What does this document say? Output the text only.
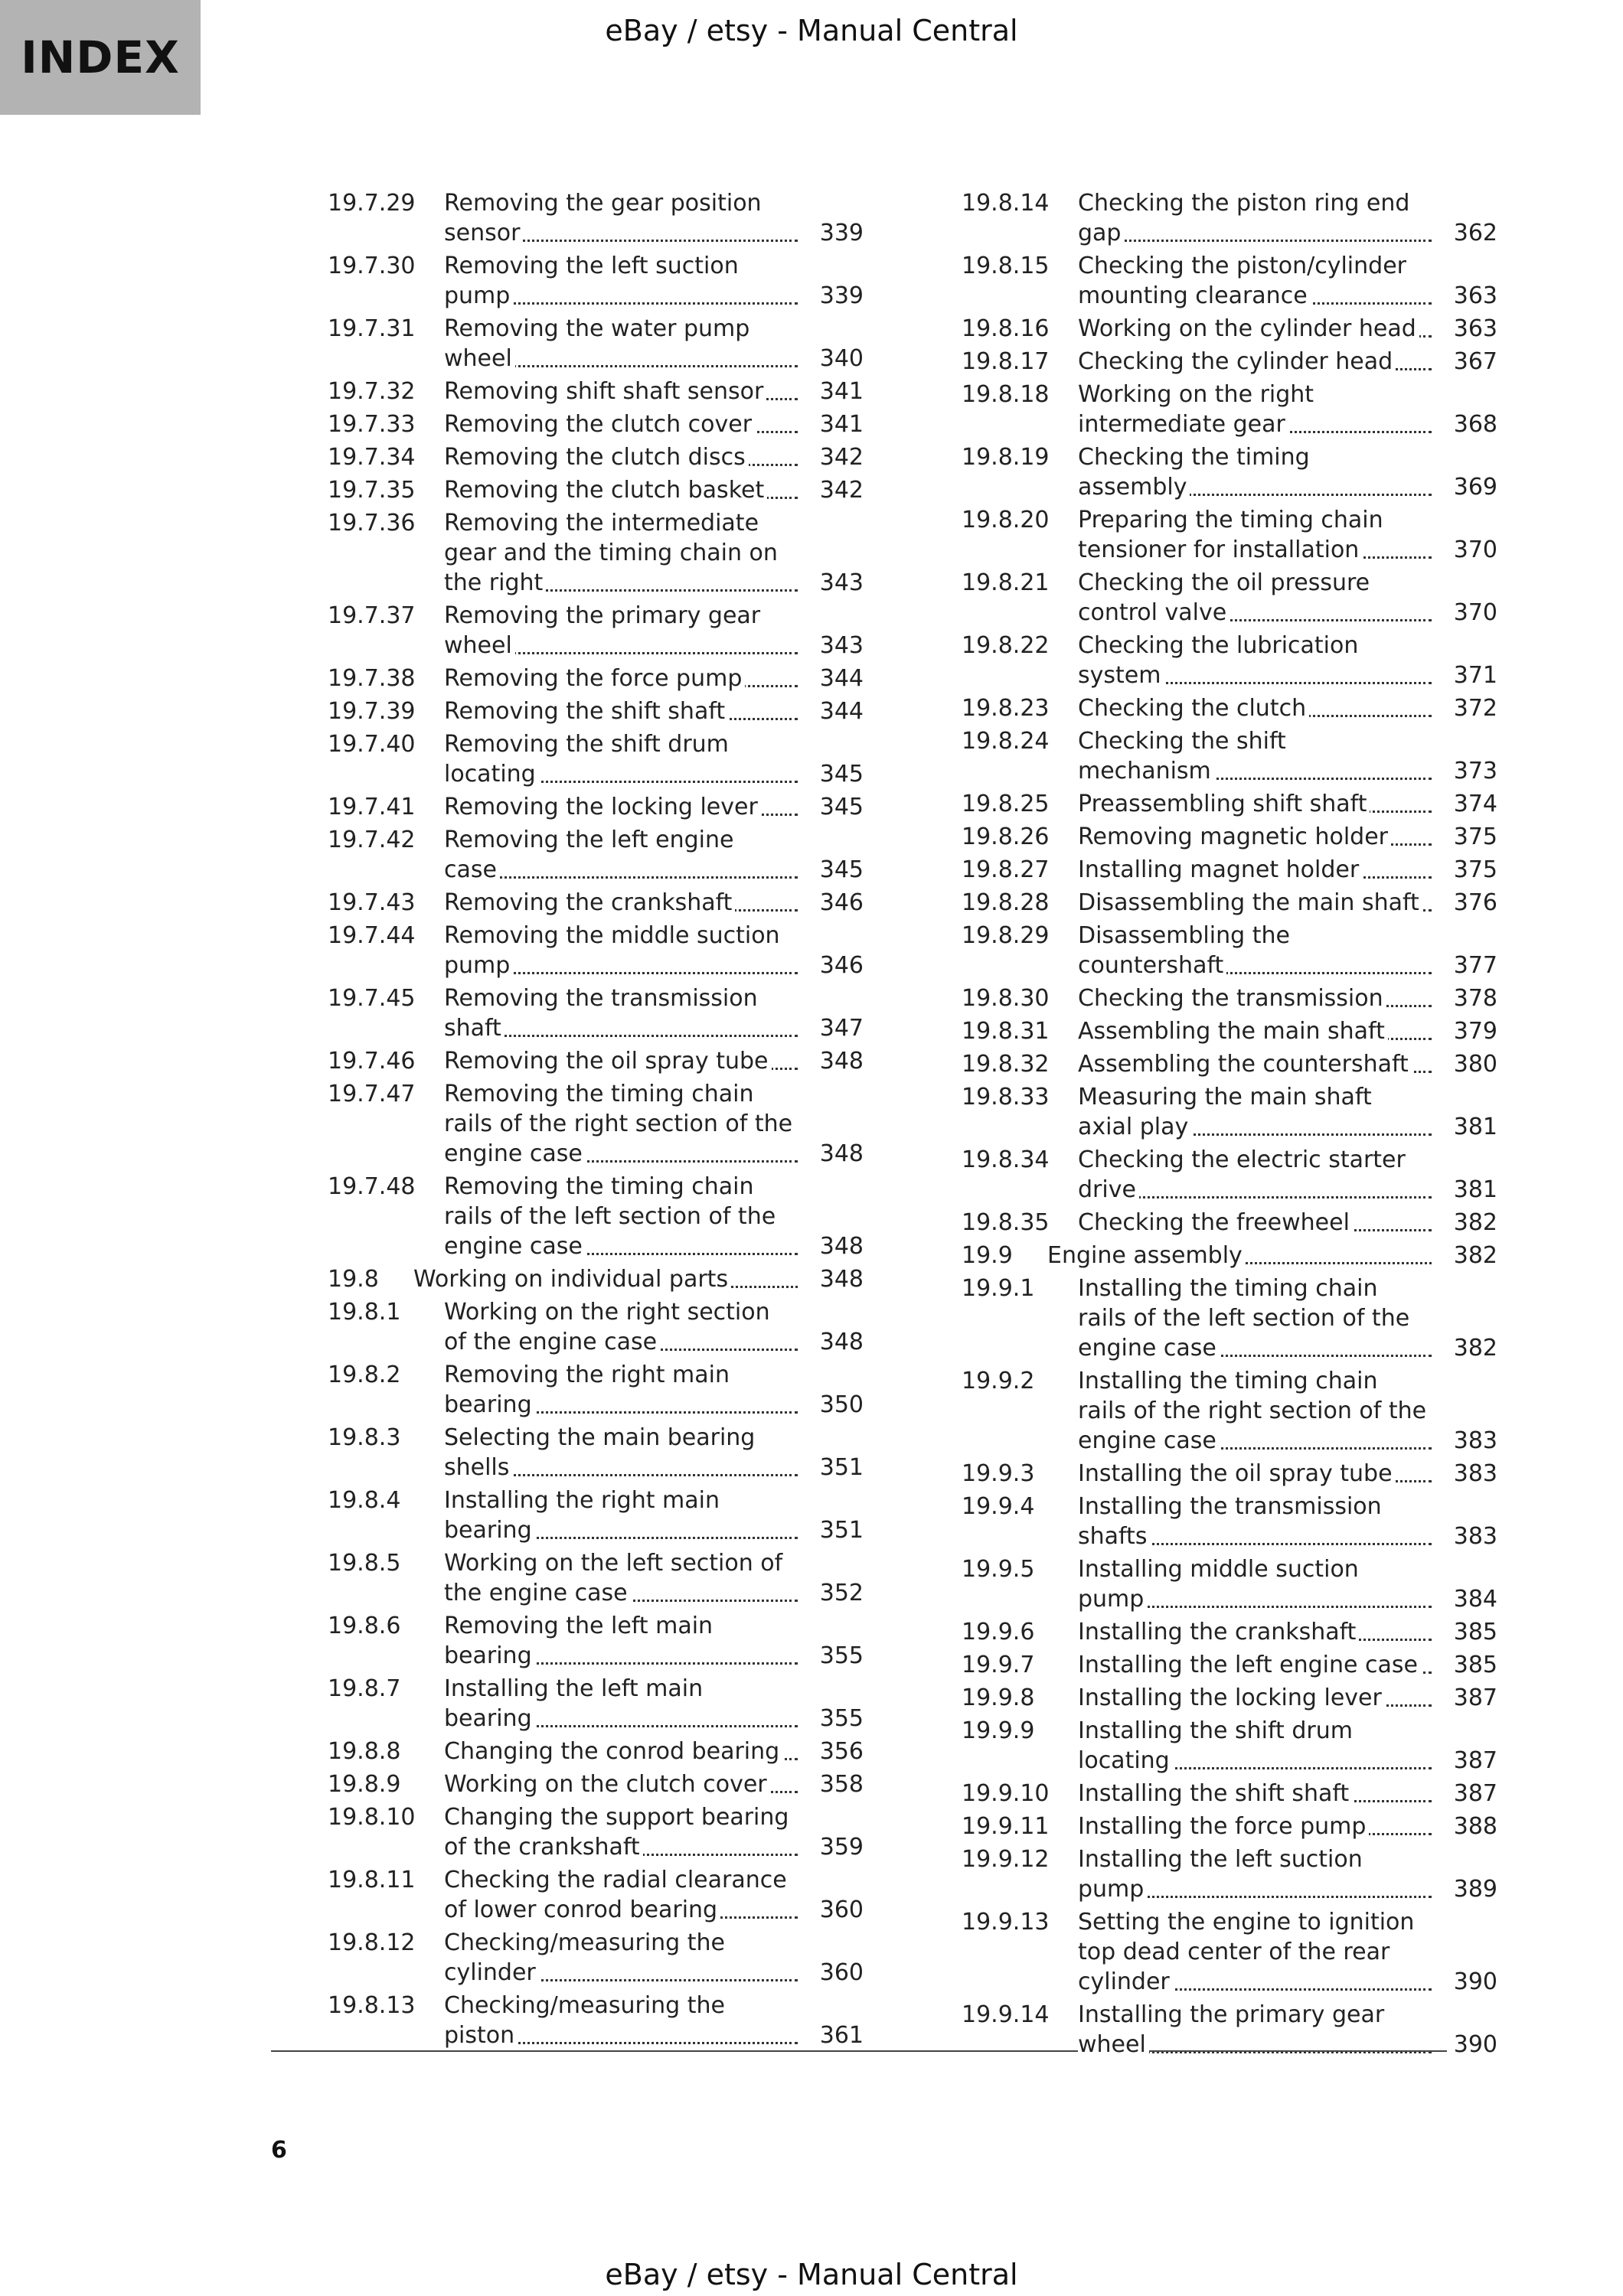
INDEX
eBay / etsy - Manual Central
19.7.29	Removing the gear position sensor	339
19.7.30	Removing the left suction pump	339
19.7.31	Removing the water pump wheel	340
19.7.32	Removing shift shaft sensor	341
19.7.33	Removing the clutch cover	341
19.7.34	Removing the clutch discs	342
19.7.35	Removing the clutch basket	342
19.7.36	Removing the intermediate gear and the timing chain on the right	343
19.7.37	Removing the primary gear wheel	343
19.7.38	Removing the force pump	344
19.7.39	Removing the shift shaft	344
19.7.40	Removing the shift drum locating	345
19.7.41	Removing the locking lever	345
19.7.42	Removing the left engine case	345
19.7.43	Removing the crankshaft	346
19.7.44	Removing the middle suction pump	346
19.7.45	Removing the transmission shaft	347
19.7.46	Removing the oil spray tube	348
19.7.47	Removing the timing chain rails of the right section of the engine case	348
19.7.48	Removing the timing chain rails of the left section of the engine case	348
19.8	Working on individual parts	348
19.8.1	Working on the right section of the engine case	348
19.8.2	Removing the right main bearing	350
19.8.3	Selecting the main bearing shells	351
19.8.4	Installing the right main bearing	351
19.8.5	Working on the left section of the engine case	352
19.8.6	Removing the left main bearing	355
19.8.7	Installing the left main bearing	355
19.8.8	Changing the conrod bearing	356
19.8.9	Working on the clutch cover	358
19.8.10	Changing the support bearing of the crankshaft	359
19.8.11	Checking the radial clearance of lower conrod bearing	360
19.8.12	Checking/measuring the cylinder	360
19.8.13	Checking/measuring the piston	361
19.8.14	Checking the piston ring end gap	362
19.8.15	Checking the piston/cylinder mounting clearance	363
19.8.16	Working on the cylinder head	363
19.8.17	Checking the cylinder head	367
19.8.18	Working on the right intermediate gear	368
19.8.19	Checking the timing assembly	369
19.8.20	Preparing the timing chain tensioner for installation	370
19.8.21	Checking the oil pressure control valve	370
19.8.22	Checking the lubrication system	371
19.8.23	Checking the clutch	372
19.8.24	Checking the shift mechanism	373
19.8.25	Preassembling shift shaft	374
19.8.26	Removing magnetic holder	375
19.8.27	Installing magnet holder	375
19.8.28	Disassembling the main shaft	376
19.8.29	Disassembling the countershaft	377
19.8.30	Checking the transmission	378
19.8.31	Assembling the main shaft	379
19.8.32	Assembling the countershaft	380
19.8.33	Measuring the main shaft axial play	381
19.8.34	Checking the electric starter drive	381
19.8.35	Checking the freewheel	382
19.9	Engine assembly	382
19.9.1	Installing the timing chain rails of the left section of the engine case	382
19.9.2	Installing the timing chain rails of the right section of the engine case	383
19.9.3	Installing the oil spray tube	383
19.9.4	Installing the transmission shafts	383
19.9.5	Installing middle suction pump	384
19.9.6	Installing the crankshaft	385
19.9.7	Installing the left engine case	385
19.9.8	Installing the locking lever	387
19.9.9	Installing the shift drum locating	387
19.9.10	Installing the shift shaft	387
19.9.11	Installing the force pump	388
19.9.12	Installing the left suction pump	389
19.9.13	Setting the engine to ignition top dead center of the rear cylinder	390
19.9.14	Installing the primary gear wheel	390
6
eBay / etsy - Manual Central
